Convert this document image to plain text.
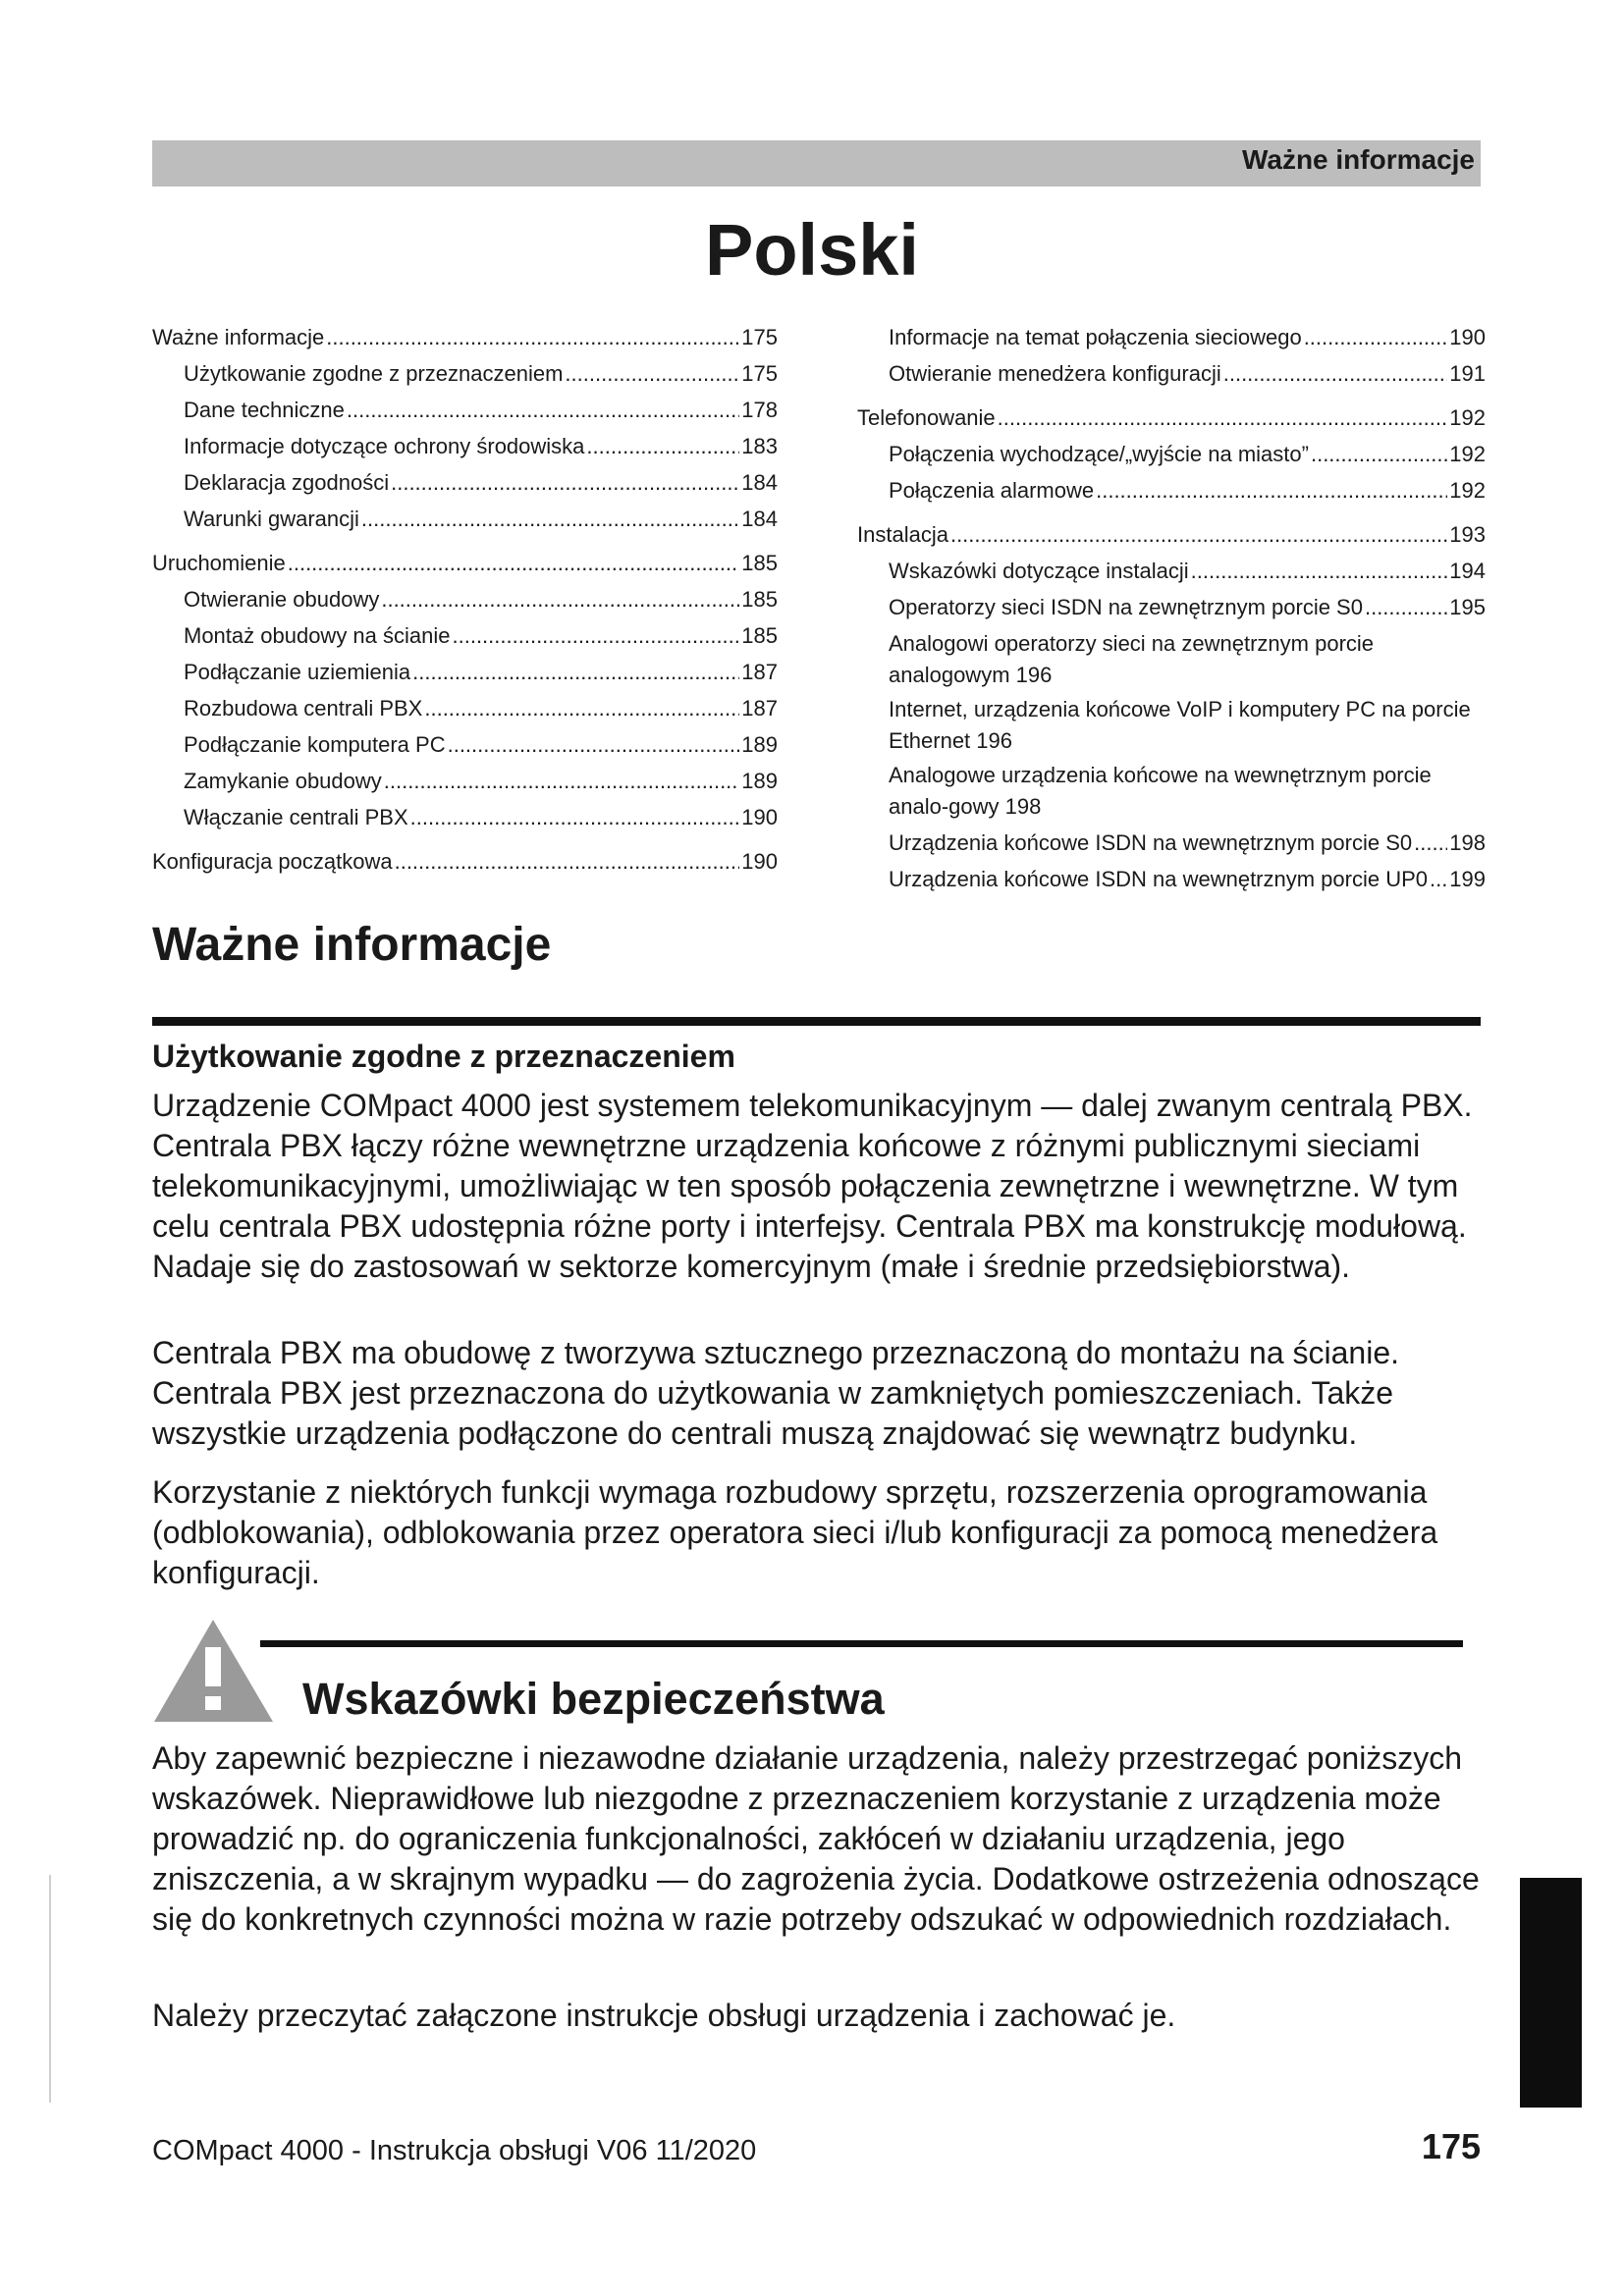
Ważne informacje
Polski
Ważne informacje .....	175
Użytkowanie zgodne z przeznaczeniem .....	175
Dane techniczne .....	178
Informacje dotyczące ochrony środowiska .....	183
Deklaracja zgodności .....	184
Warunki gwarancji .....	184
Uruchomienie .....	185
Otwieranie obudowy .....	185
Montaż obudowy na ścianie .....	185
Podłączanie uziemienia .....	187
Rozbudowa centrali PBX .....	187
Podłączanie komputera PC .....	189
Zamykanie obudowy .....	189
Włączanie centrali PBX .....	190
Konfiguracja początkowa .....	190
Informacje na temat połączenia sieciowego .....	190
Otwieranie menedżera konfiguracji .....	191
Telefonowanie .....	192
Połączenia wychodzące/„wyjście na miasto” .....	192
Połączenia alarmowe .....	192
Instalacja .....	193
Wskazówki dotyczące instalacji .....	194
Operatorzy sieci ISDN na zewnętrznym porcie S0 .....	195
Analogowi operatorzy sieci na zewnętrznym porcie analogowym 196
Internet, urządzenia końcowe VoIP i komputery PC na porcie Ethernet 196
Analogowe urządzenia końcowe na wewnętrznym porcie analo-gowy 198
Urządzenia końcowe ISDN na wewnętrznym porcie S0 ..... 198
Urządzenia końcowe ISDN na wewnętrznym porcie UP0 ..... 199
Ważne informacje
Użytkowanie zgodne z przeznaczeniem

Urządzenie COMpact 4000 jest systemem telekomunikacyjnym — dalej zwanym centralą PBX. Centrala PBX łączy różne wewnętrzne urządzenia końcowe z różnymi publicznymi sieciami telekomunikacyjnymi, umożliwiając w ten sposób połączenia zewnętrzne i wewnętrzne. W tym celu centrala PBX udostępnia różne porty i interfejsy. Centrala PBX ma konstrukcję modułową. Nadaje się do zastosowań w sektorze komercyjnym (małe i średnie przedsiębiorstwa).

Centrala PBX ma obudowę z tworzywa sztucznego przeznaczoną do montażu na ścianie. Centrala PBX jest przeznaczona do użytkowania w zamkniętych pomieszczeniach. Także wszystkie urządzenia podłączone do centrali muszą znajdować się wewnątrz budynku.

Korzystanie z niektórych funkcji wymaga rozbudowy sprzętu, rozszerzenia oprogramowania (odblokowania), odblokowania przez operatora sieci i/lub konfiguracji za pomocą menedżera konfiguracji.

Wskazówki bezpieczeństwa

Aby zapewnić bezpieczne i niezawodne działanie urządzenia, należy przestrzegać poniższych wskazówek. Nieprawidłowe lub niezgodne z przeznaczeniem korzystanie z urządzenia może prowadzić np. do ograniczenia funkcjonalności, zakłóceń w działaniu urządzenia, jego zniszczenia, a w skrajnym wypadku — do zagrożenia życia. Dodatkowe ostrzeżenia odnoszące się do konkretnych czynności można w razie potrzeby odszukać w odpowiednich rozdziałach.

Należy przeczytać załączone instrukcje obsługi urządzenia i zachować je.

COMpact 4000 - Instrukcja obsługi V06 11/2020	175
